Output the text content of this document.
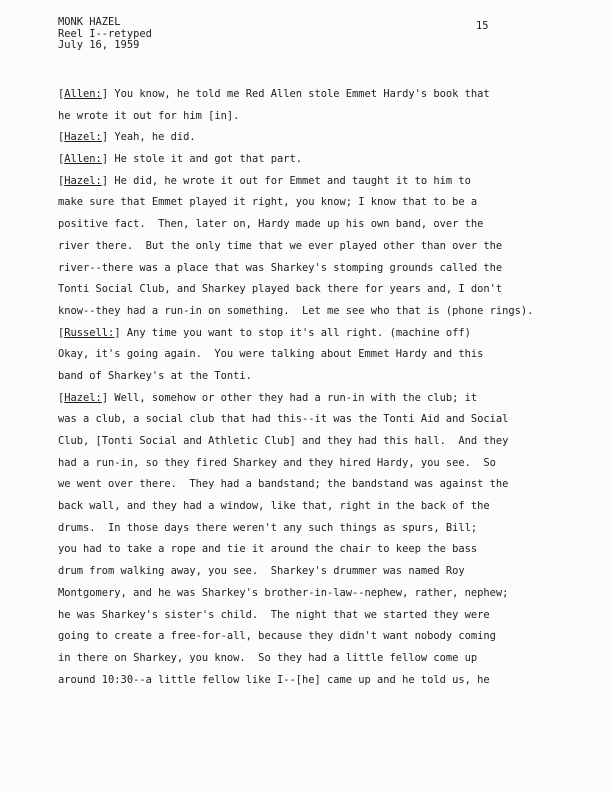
MONK HAZEL
Reel I--retyped
July 16, 1959
15
[Allen:] You know, he told me Red Allen stole Emmet Hardy's book that
he wrote it out for him [in].
[Hazel:] Yeah, he did.
[Allen:] He stole it and got that part.
[Hazel:] He did, he wrote it out for Emmet and taught it to him to
make sure that Emmet played it right, you know; I know that to be a
positive fact.  Then, later on, Hardy made up his own band, over the
river there.  But the only time that we ever played other than over the
river--there was a place that was Sharkey's stomping grounds called the
Tonti Social Club, and Sharkey played back there for years and, I don't
know--they had a run-in on something.  Let me see who that is (phone rings).
[Russell:] Any time you want to stop it's all right. (machine off)
Okay, it's going again.  You were talking about Emmet Hardy and this
band of Sharkey's at the Tonti.
[Hazel:] Well, somehow or other they had a run-in with the club; it
was a club, a social club that had this--it was the Tonti Aid and Social
Club, [Tonti Social and Athletic Club] and they had this hall.  And they
had a run-in, so they fired Sharkey and they hired Hardy, you see.  So
we went over there.  They had a bandstand; the bandstand was against the
back wall, and they had a window, like that, right in the back of the
drums.  In those days there weren't any such things as spurs, Bill;
you had to take a rope and tie it around the chair to keep the bass
drum from walking away, you see.  Sharkey's drummer was named Roy
Montgomery, and he was Sharkey's brother-in-law--nephew, rather, nephew;
he was Sharkey's sister's child.  The night that we started they were
going to create a free-for-all, because they didn't want nobody coming
in there on Sharkey, you know.  So they had a little fellow come up
around 10:30--a little fellow like I--[he] came up and he told us, he
